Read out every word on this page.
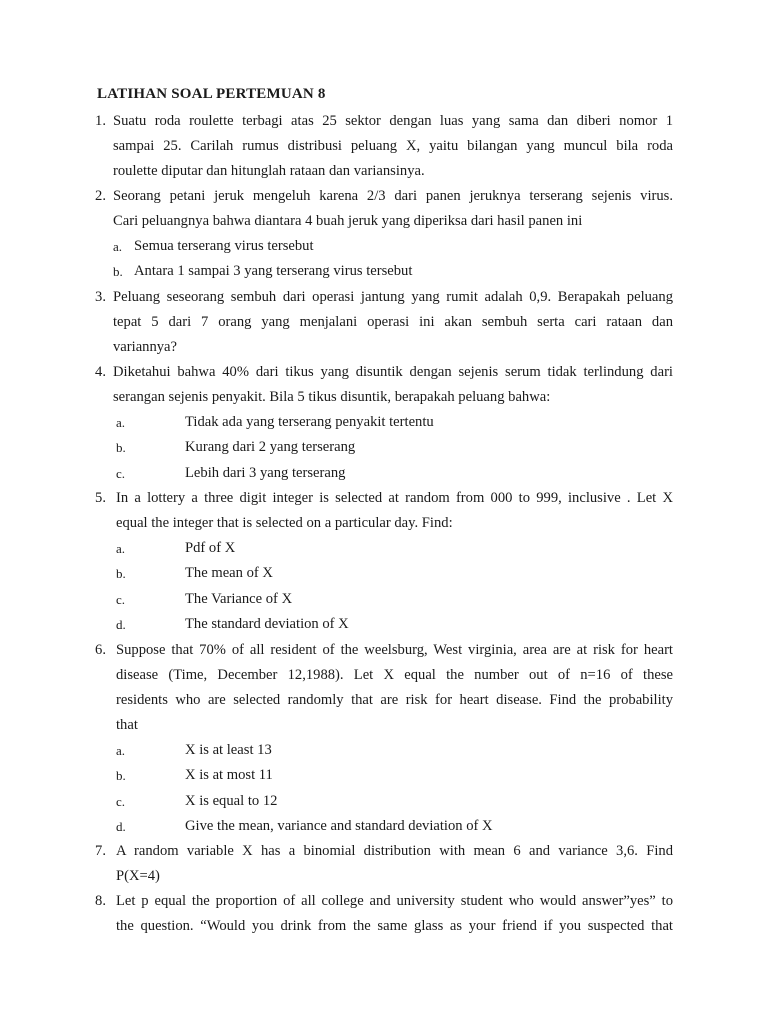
LATIHAN SOAL PERTEMUAN 8
1. Suatu roda roulette terbagi atas 25 sektor dengan luas yang sama dan diberi nomor 1
sampai 25. Carilah rumus distribusi peluang X, yaitu bilangan yang muncul bila roda
roulette diputar dan hitunglah rataan dan variansinya.
2. Seorang petani jeruk mengeluh karena 2/3 dari panen jeruknya terserang sejenis virus.
Cari peluangnya bahwa diantara 4 buah jeruk yang diperiksa dari hasil panen ini
a. Semua terserang virus tersebut
b. Antara 1 sampai 3 yang terserang virus tersebut
3. Peluang seseorang sembuh dari operasi jantung yang rumit adalah 0,9. Berapakah peluang
tepat 5 dari 7 orang yang menjalani operasi ini akan sembuh serta cari rataan dan
variannya?
4. Diketahui bahwa 40% dari tikus yang disuntik dengan sejenis serum tidak terlindung dari
serangan sejenis penyakit. Bila 5 tikus disuntik, berapakah peluang bahwa:
a.	Tidak ada yang terserang penyakit tertentu
b.	Kurang dari 2 yang terserang
c.	Lebih dari 3 yang terserang
5. In a lottery a three digit integer is selected at random from 000 to 999, inclusive . Let X
equal the integer that is selected on a particular day. Find:
a.	Pdf of X
b.	The mean of X
c.	The Variance of X
d.	The standard deviation of X
6. Suppose that 70% of all resident of the weelsburg, West virginia, area are at risk for heart
disease (Time, December 12,1988). Let X equal the number out of n=16 of these
residents who are selected randomly that are risk for heart disease. Find the probability
that
a.	X is at least 13
b.	X is at most 11
c.	X is equal to 12
d.	Give the mean, variance and standard deviation of X
7. A random variable X has a binomial distribution with mean 6 and variance 3,6. Find
P(X=4)
8. Let p equal the proportion of all college and university student who would answer”yes” to
the question. “Would you drink from the same glass as your friend if you suspected that
